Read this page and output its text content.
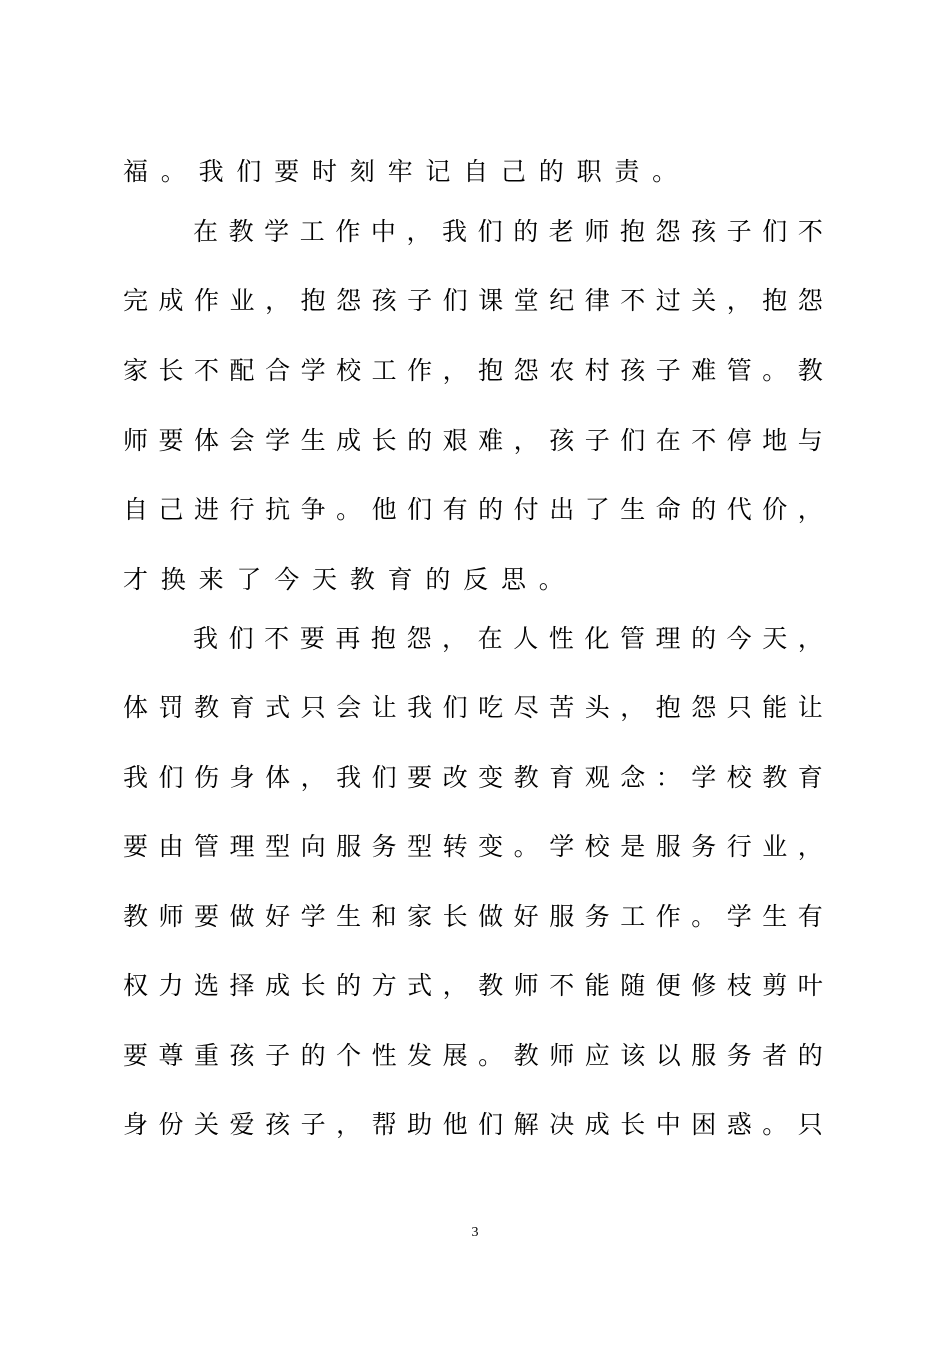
福 。 我 们 要 时 刻 牢 记 自 己 的 职 责 。
在 教 学 工 作 中 ， 我 们 的 老 师 抱 怨 孩 子 们 不
完 成 作 业 ， 抱 怨 孩 子 们 课 堂 纪 律 不 过 关 ， 抱 怨
家 长 不 配 合 学 校 工 作 ， 抱 怨 农 村 孩 子 难 管 。 教
师 要 体 会 学 生 成 长 的 艰 难 ， 孩 子 们 在 不 停 地 与
自 己 进 行 抗 争 。 他 们 有 的 付 出 了 生 命 的 代 价 ，
才 换 来 了 今 天 教 育 的 反 思 。
我 们 不 要 再 抱 怨 ， 在 人 性 化 管 理 的 今 天 ，
体 罚 教 育 式 只 会 让 我 们 吃 尽 苦 头 ， 抱 怨 只 能 让
我 们 伤 身 体 ， 我 们 要 改 变 教 育 观 念 ： 学 校 教 育
要 由 管 理 型 向 服 务 型 转 变 。 学 校 是 服 务 行 业 ，
教 师 要 做 好 学 生 和 家 长 做 好 服 务 工 作 。 学 生 有
权 力 选 择 成 长 的 方 式 ， 教 师 不 能 随 便 修 枝 剪 叶
要 尊 重 孩 子 的 个 性 发 展 。 教 师 应 该 以 服 务 者 的
身 份 关 爱 孩 子 ， 帮 助 他 们 解 决 成 长 中 困 惑 。 只
3
